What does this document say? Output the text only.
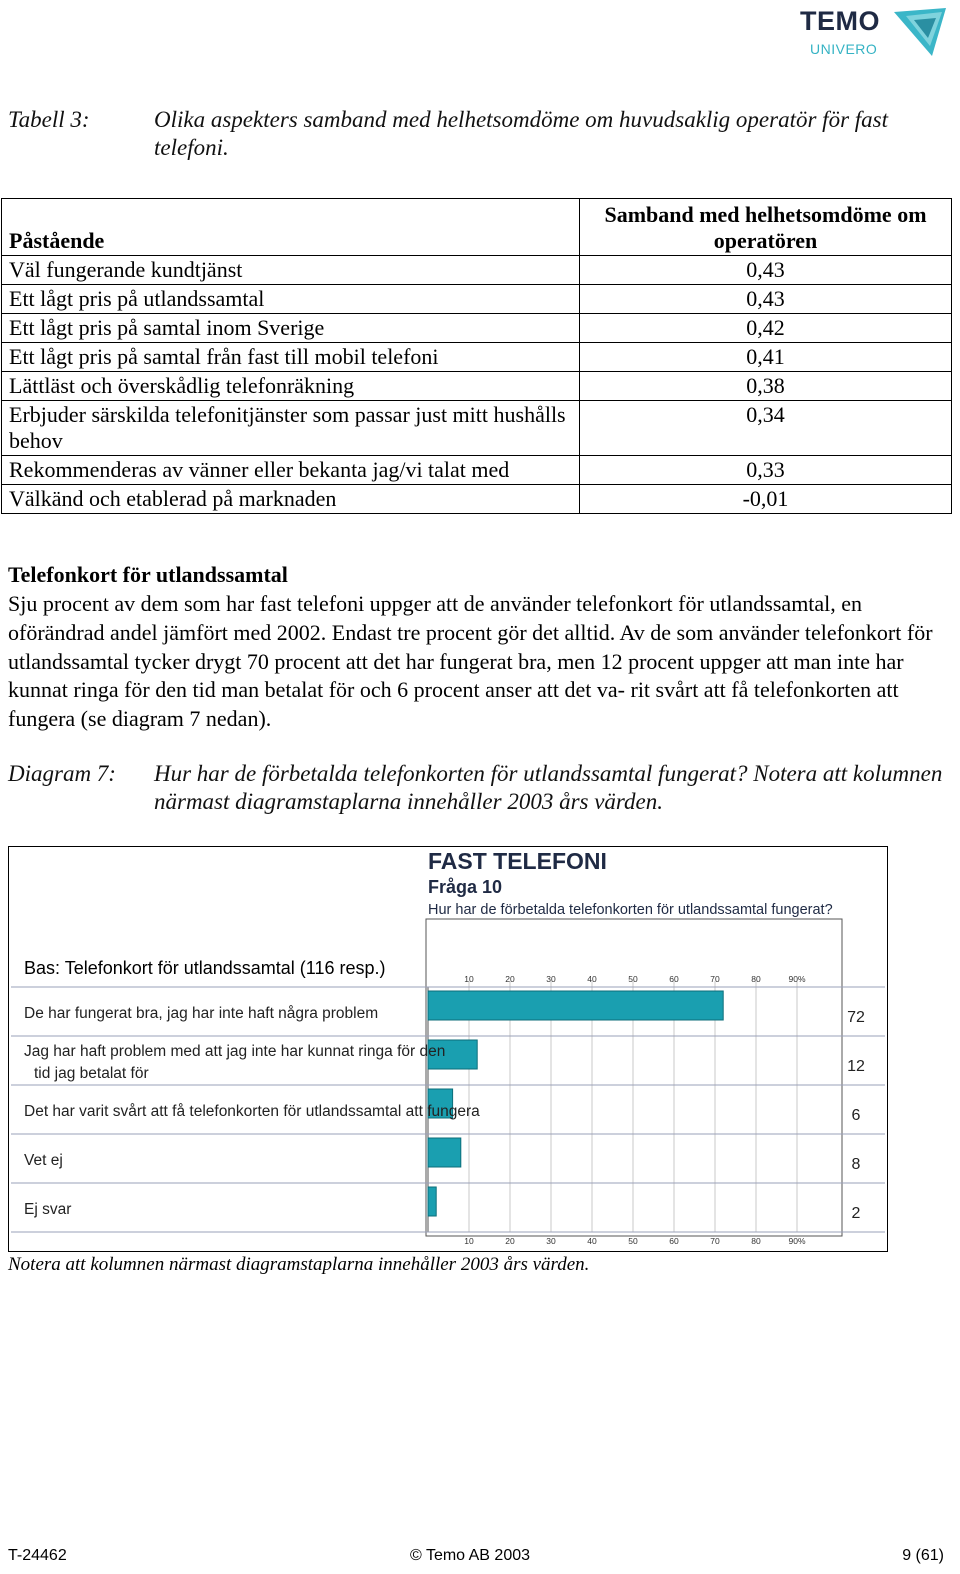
TEMO
UNIVERO
Tabell 3:	Olika aspekters samband med helhetsomdöme om huvudsaklig operatör för fast telefoni.
Påstående	Samband med helhetsomdöme om operatören
Väl fungerande kundtjänst	0,43
Ett lågt pris på utlandssamtal	0,43
Ett lågt pris på samtal inom Sverige	0,42
Ett lågt pris på samtal från fast till mobil telefoni	0,41
Lättläst och överskådlig telefonräkning	0,38
Erbjuder särskilda telefonitjänster som passar just mitt hushålls behov	0,34
Rekommenderas av vänner eller bekanta jag/vi talat med	0,33
Välkänd och etablerad på marknaden	-0,01
Telefonkort för utlandssamtal
Sju procent av dem som har fast telefoni uppger att de använder telefonkort för utlandssamtal, en oförändrad andel jämfört med 2002. Endast tre procent gör det alltid. Av de som använder telefonkort för utlandssamtal tycker drygt 70 procent att det har fungerat bra, men 12 procent uppger att man inte har kunnat ringa för den tid man betalat för och 6 procent anser att det va- rit svårt att få telefonkorten att fungera (se diagram 7 nedan).
Diagram 7: Hur har de förbetalda telefonkorten för utlandssamtal fungerat? Notera att kolumnen närmast diagramstaplarna innehåller 2003 års värden.
FAST TELEFONI
Fråga 10
Hur har de förbetalda telefonkorten för utlandssamtal fungerat?
Bas: Telefonkort för utlandssamtal (116 resp.)
10
10
20
20
30
30
40
40
50
50
60
60
70
70
80
80
90%
90%
De har fungerat bra, jag har inte haft några problem	72
Jag har haft problem med att jag inte har kunnat ringa för den
tid jag betalat för	12
Det har varit svårt att få telefonkorten för utlandssamtal att fungera	6
Vet ej	8
Ej svar	2
Notera att kolumnen närmast diagramstaplarna innehåller 2003 års värden.
T-24462	© Temo AB 2003	9 (61)
